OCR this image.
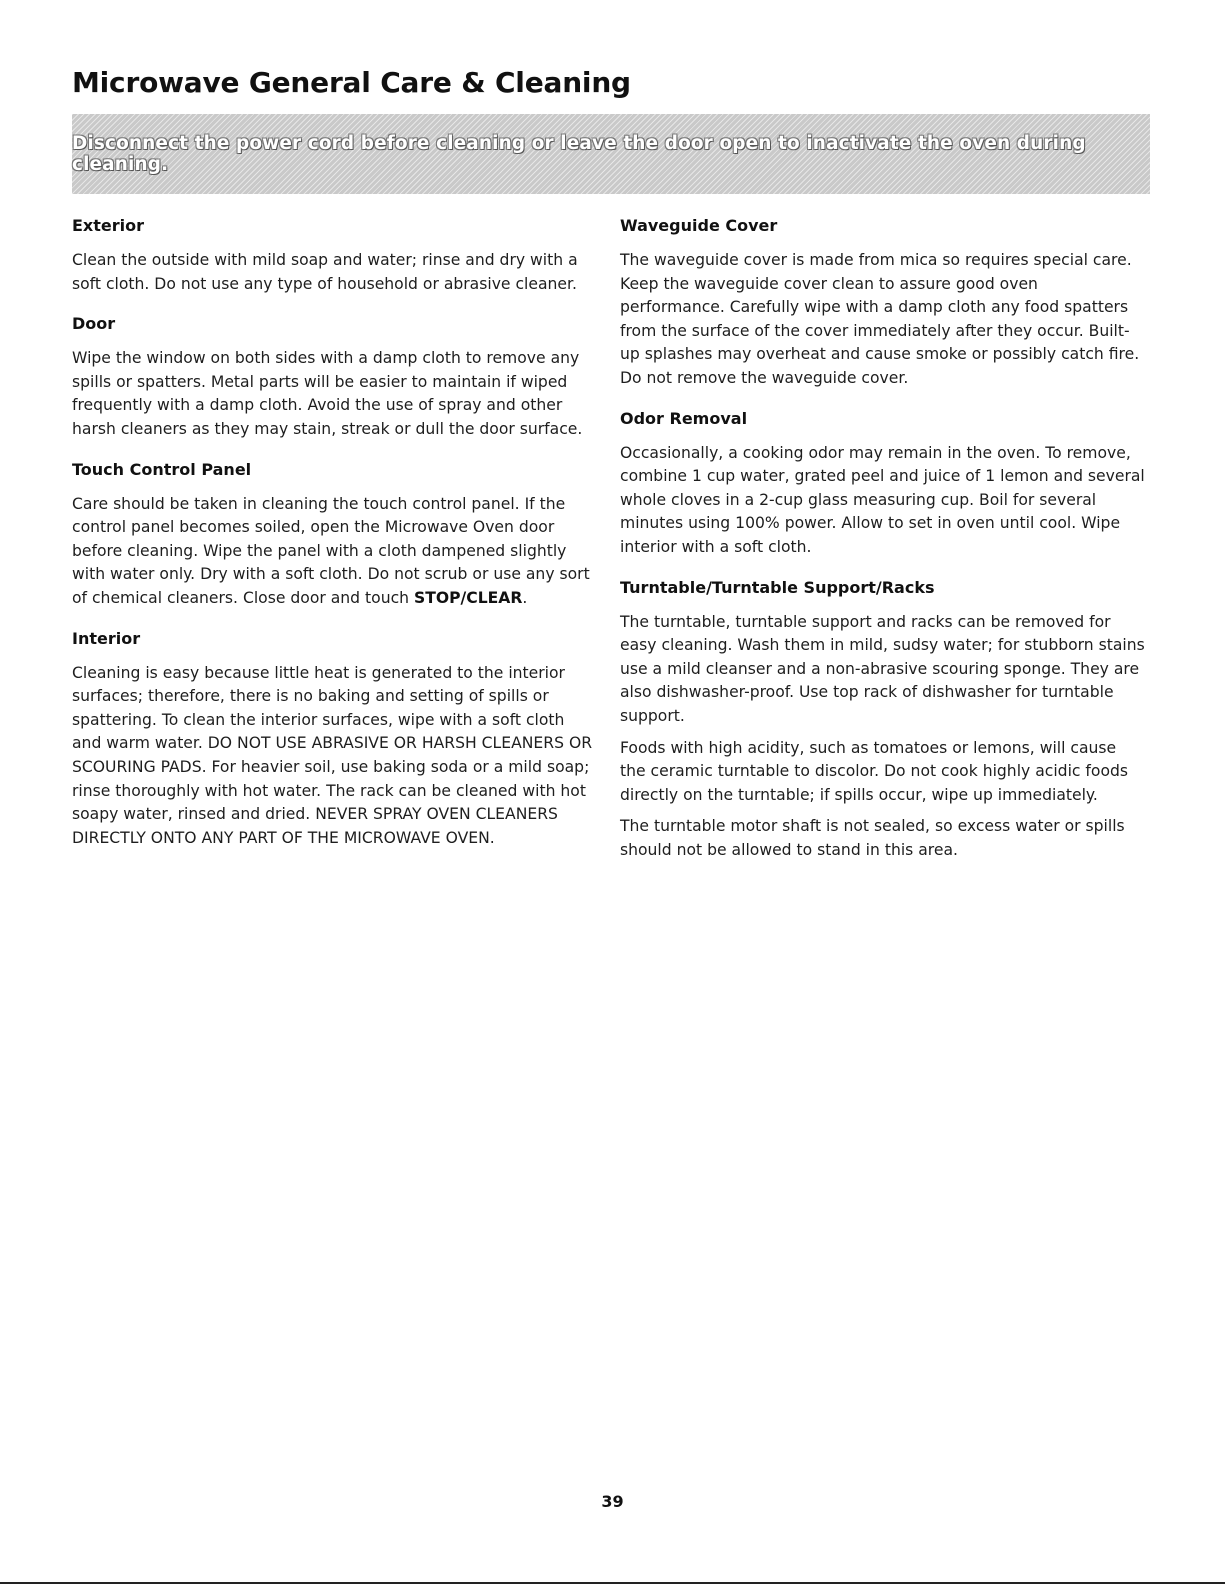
Microwave General Care & Cleaning
Disconnect the power cord before cleaning or leave the door open to inactivate the oven during cleaning.
Exterior

Clean the outside with mild soap and water; rinse and dry with a soft cloth. Do not use any type of household or abrasive cleaner.

Door

Wipe the window on both sides with a damp cloth to remove any spills or spatters. Metal parts will be easier to maintain if wiped frequently with a damp cloth. Avoid the use of spray and other harsh cleaners as they may stain, streak or dull the door surface.

Touch Control Panel

Care should be taken in cleaning the touch control panel. If the control panel becomes soiled, open the Microwave Oven door before cleaning. Wipe the panel with a cloth dampened slightly with water only. Dry with a soft cloth. Do not scrub or use any sort of chemical cleaners. Close door and touch STOP/CLEAR.

Interior

Cleaning is easy because little heat is generated to the interior surfaces; therefore, there is no baking and setting of spills or spattering. To clean the interior surfaces, wipe with a soft cloth and warm water. DO NOT USE ABRASIVE OR HARSH CLEANERS OR SCOURING PADS. For heavier soil, use baking soda or a mild soap; rinse thoroughly with hot water. The rack can be cleaned with hot soapy water, rinsed and dried. NEVER SPRAY OVEN CLEANERS DIRECTLY ONTO ANY PART OF THE MICROWAVE OVEN.

Waveguide Cover

The waveguide cover is made from mica so requires special care. Keep the waveguide cover clean to assure good oven performance. Carefully wipe with a damp cloth any food spatters from the surface of the cover immediately after they occur. Built-up splashes may overheat and cause smoke or possibly catch fire. Do not remove the waveguide cover.

Odor Removal

Occasionally, a cooking odor may remain in the oven. To remove, combine 1 cup water, grated peel and juice of 1 lemon and several whole cloves in a 2-cup glass measuring cup. Boil for several minutes using 100% power. Allow to set in oven until cool. Wipe interior with a soft cloth.

Turntable/Turntable Support/Racks

The turntable, turntable support and racks can be removed for easy cleaning. Wash them in mild, sudsy water; for stubborn stains use a mild cleanser and a non-abrasive scouring sponge. They are also dishwasher-proof. Use top rack of dishwasher for turntable support.

Foods with high acidity, such as tomatoes or lemons, will cause the ceramic turntable to discolor. Do not cook highly acidic foods directly on the turntable; if spills occur, wipe up immediately.

The turntable motor shaft is not sealed, so excess water or spills should not be allowed to stand in this area.

39
